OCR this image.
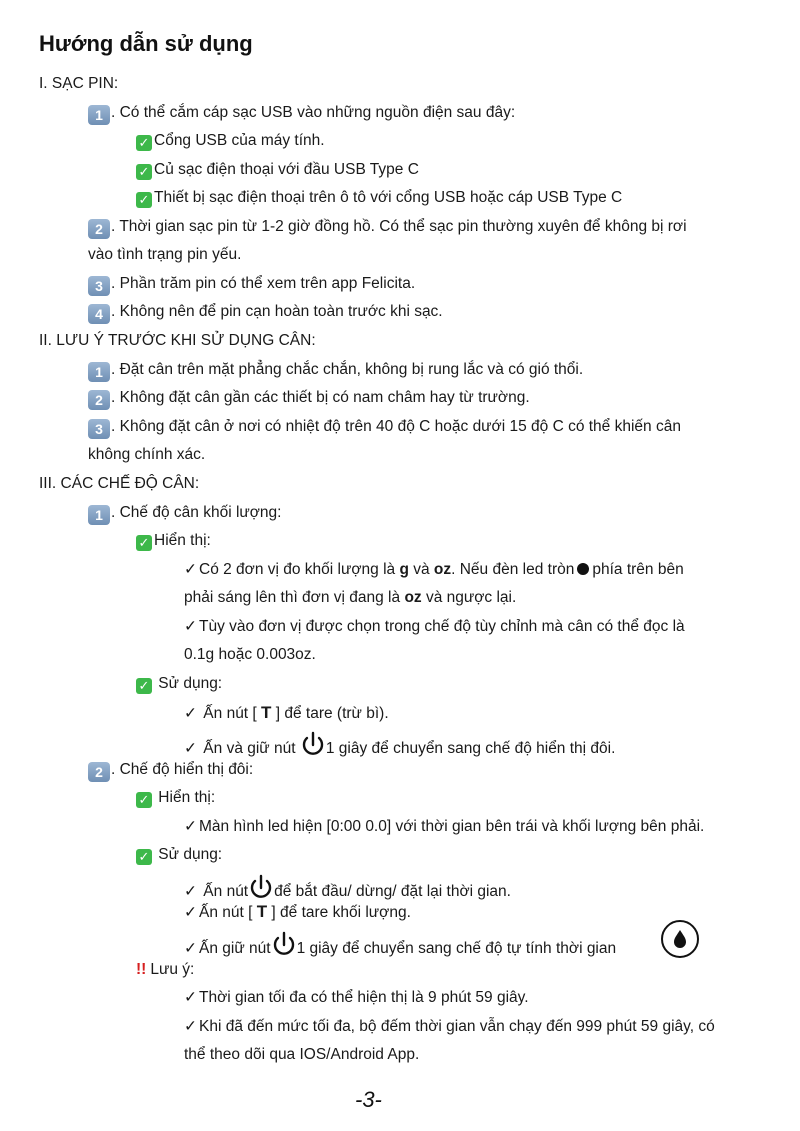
Hướng dẫn sử dụng
I. SẠC PIN:
1 . Có thể cắm cáp sạc USB vào những nguồn điện sau đây:
✓ Cổng USB của máy tính.
✓ Củ sạc điện thoại với đầu USB Type C
✓ Thiết bị sạc điện thoại trên ô tô với cổng USB hoặc cáp USB Type C
2 . Thời gian sạc pin từ 1-2 giờ đồng hồ. Có thể sạc pin thường xuyên để không bị rơi
vào tình trạng pin yếu.
3 . Phần trăm pin có thể xem trên app Felicita.
4 . Không nên để pin cạn hoàn toàn trước khi sạc.
II. LƯU Ý TRƯỚC KHI SỬ DỤNG CÂN:
1 . Đặt cân trên mặt phẳng chắc chắn, không bị rung lắc và có gió thổi.
2 . Không đặt cân gần các thiết bị có nam châm hay từ trường.
3 . Không đặt cân ở nơi có nhiệt độ trên 40 độ C hoặc dưới 15 độ C có thể khiến cân
không chính xác.
III. CÁC CHẾ ĐỘ CÂN:
1 . Chế độ cân khối lượng:
✓ Hiển thị:
✓ Có 2 đơn vị đo khối lượng là g và oz. Nếu đèn led tròn phía trên bên
phải sáng lên thì đơn vị đang là oz và ngược lại.
✓ Tùy vào đơn vị được chọn trong chế độ tùy chỉnh mà cân có thể đọc là
0.1g hoặc 0.003oz.
✓ Sử dụng:
✓ Ấn nút [ T ] để tare (trừ bì).
✓ Ấn và giữ nút 1 giây để chuyển sang chế độ hiển thị đôi.
2 . Chế độ hiển thị đôi:
✓ Hiển thị:
✓ Màn hình led hiện [0:00 0.0] với thời gian bên trái và khối lượng bên phải.
✓ Sử dụng:
✓ Ấn nút để bắt đầu/ dừng/ đặt lại thời gian.
✓ Ấn nút [ T ] để tare khối lượng.
✓ Ấn giữ nút 1 giây để chuyển sang chế độ tự tính thời gian
!! Lưu ý:
✓ Thời gian tối đa có thể hiện thị là 9 phút 59 giây.
✓ Khi đã đến mức tối đa, bộ đếm thời gian vẫn chạy đến 999 phút 59 giây, có
thể theo dõi qua IOS/Android App.
-3-
